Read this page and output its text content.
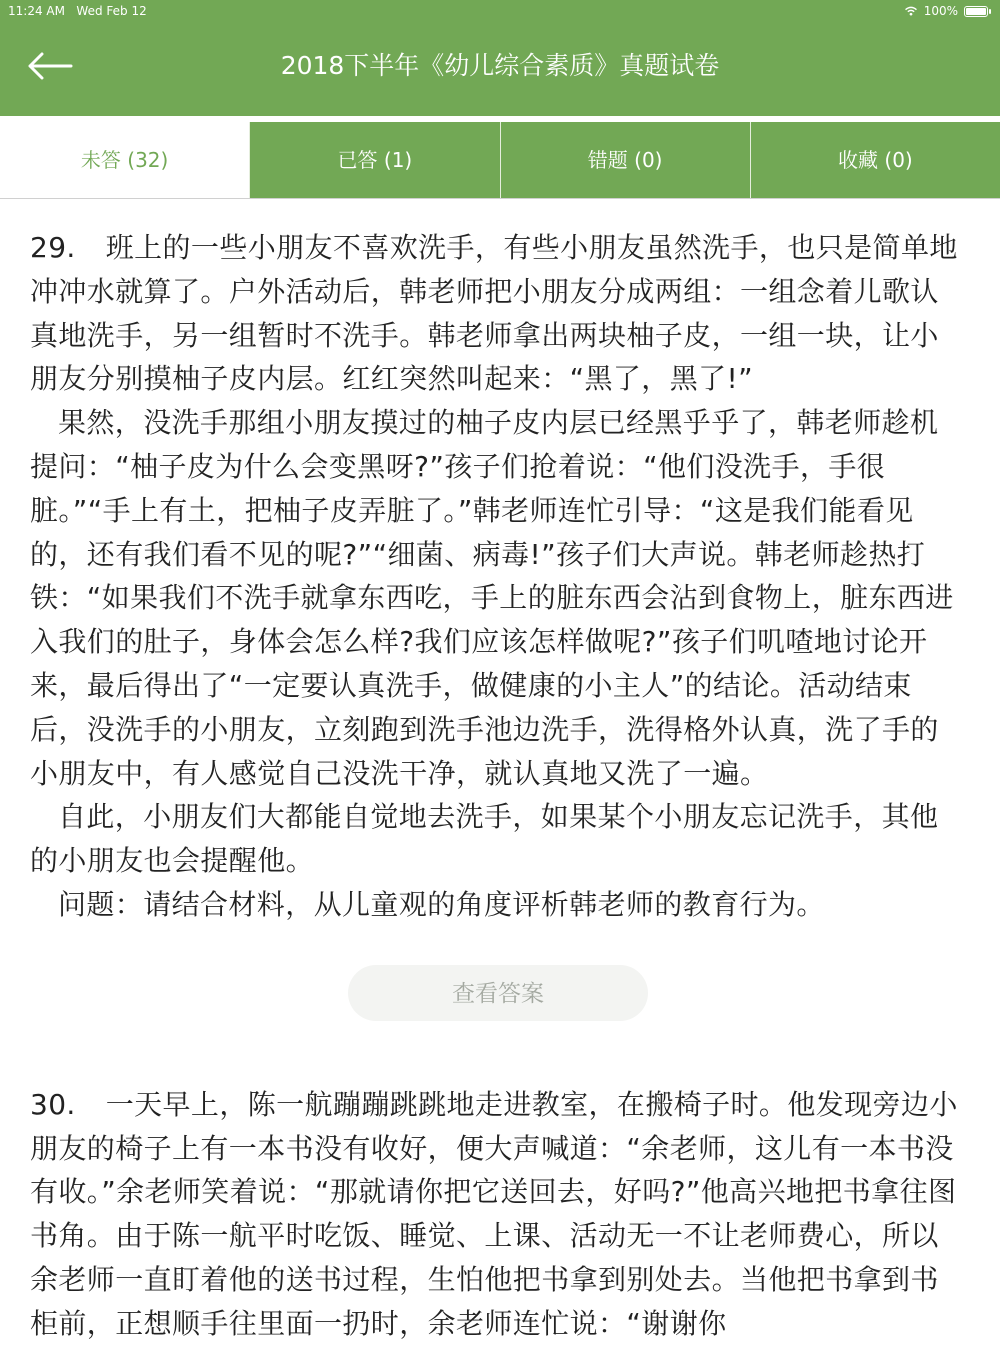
11:24 AM Wed Feb 12	100%
2018下半年《幼儿综合素质》真题试卷
未答 (32)	已答 (1)	错题 (0)	收藏 (0)

29. 班上的一些小朋友不喜欢洗手，有些小朋友虽然洗手，也只是简单地冲冲水就算了。户外活动后，韩老师把小朋友分成两组：一组念着儿歌认真地洗手，另一组暂时不洗手。韩老师拿出两块柚子皮，一组一块，让小朋友分别摸柚子皮内层。红红突然叫起来：“黑了，黑了!”

果然，没洗手那组小朋友摸过的柚子皮内层已经黑乎乎了，韩老师趁机提问：“柚子皮为什么会变黑呀?”孩子们抢着说：“他们没洗手，手很脏。”“手上有土，把柚子皮弄脏了。”韩老师连忙引导：“这是我们能看见的，还有我们看不见的呢?”“细菌、病毒!”孩子们大声说。韩老师趁热打铁：“如果我们不洗手就拿东西吃，手上的脏东西会沾到食物上，脏东西进入我们的肚子，身体会怎么样?我们应该怎样做呢?”孩子们叽喳地讨论开来，最后得出了“一定要认真洗手，做健康的小主人”的结论。活动结束后，没洗手的小朋友，立刻跑到洗手池边洗手，洗得格外认真，洗了手的小朋友中，有人感觉自己没洗干净，就认真地又洗了一遍。

自此，小朋友们大都能自觉地去洗手，如果某个小朋友忘记洗手，其他的小朋友也会提醒他。

问题：请结合材料，从儿童观的角度评析韩老师的教育行为。

查看答案

30. 一天早上，陈一航蹦蹦跳跳地走进教室，在搬椅子时。他发现旁边小朋友的椅子上有一本书没有收好，便大声喊道：“余老师，这儿有一本书没有收。”余老师笑着说：“那就请你把它送回去，好吗?”他高兴地把书拿往图书角。由于陈一航平时吃饭、睡觉、上课、活动无一不让老师费心，所以余老师一直盯着他的送书过程，生怕他把书拿到别处去。当他把书拿到书柜前，正想顺手往里面一扔时，余老师连忙说：“谢谢你
